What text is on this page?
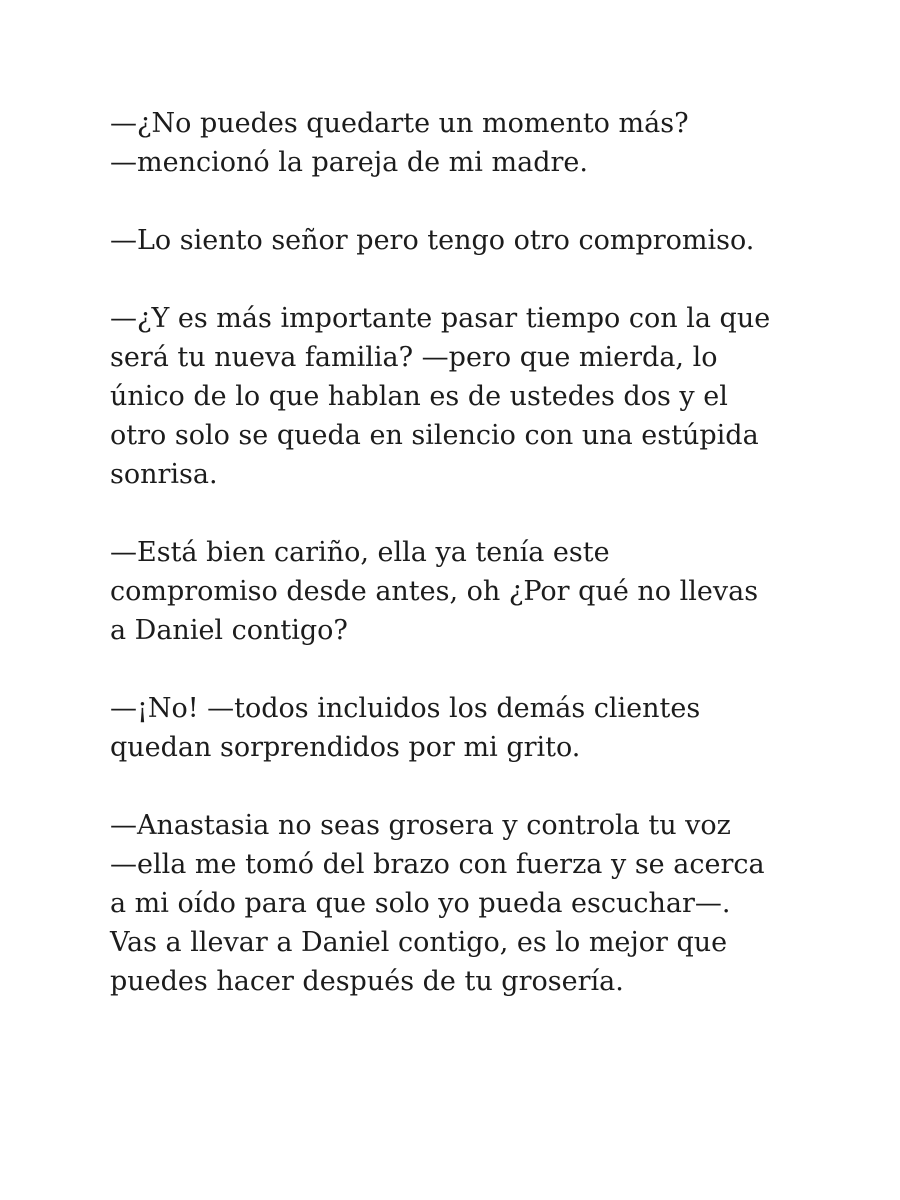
—¿No puedes quedarte un momento más?
—mencionó la pareja de mi madre.

—Lo siento señor pero tengo otro compromiso.

—¿Y es más importante pasar tiempo con la que
será tu nueva familia? —pero que mierda, lo
único de lo que hablan es de ustedes dos y el
otro solo se queda en silencio con una estúpida
sonrisa.

—Está bien cariño, ella ya tenía este
compromiso desde antes, oh ¿Por qué no llevas
a Daniel contigo?

—¡No! —todos incluidos los demás clientes
quedan sorprendidos por mi grito.

—Anastasia no seas grosera y controla tu voz
—ella me tomó del brazo con fuerza y se acerca
a mi oído para que solo yo pueda escuchar—.
Vas a llevar a Daniel contigo, es lo mejor que
puedes hacer después de tu grosería.
